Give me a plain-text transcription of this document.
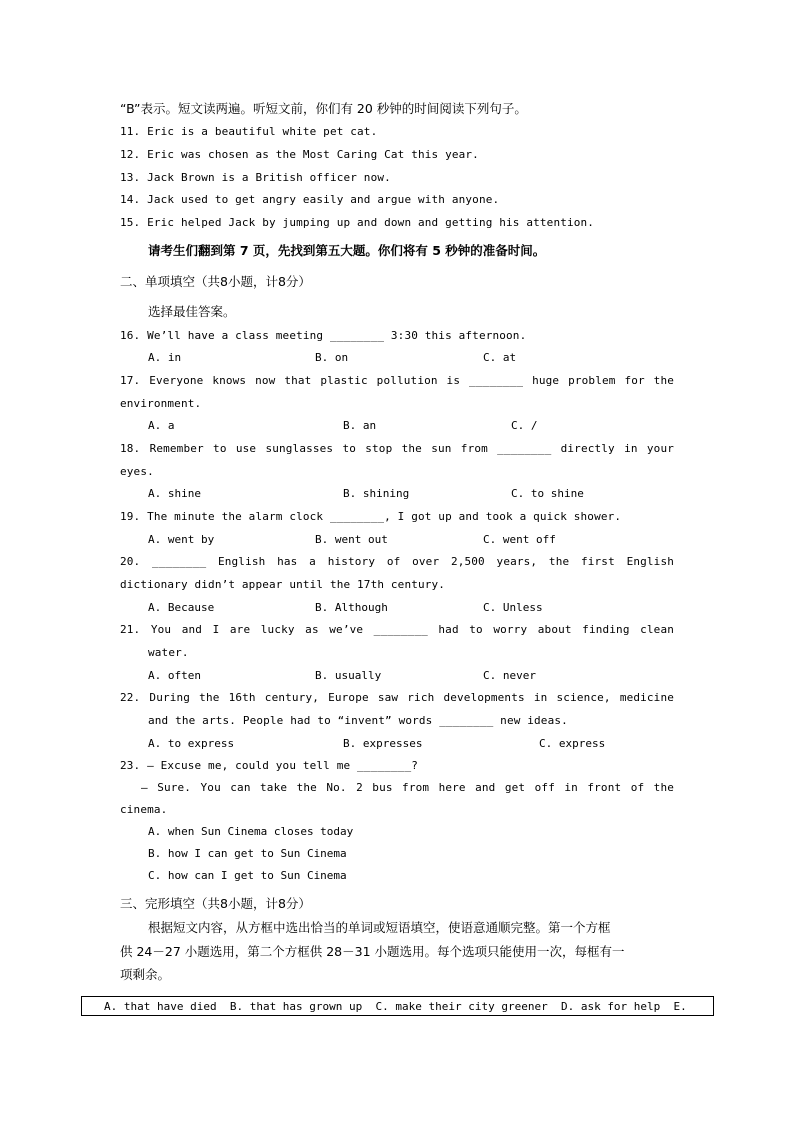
“B”表示。短文读两遍。听短文前，你们有 20 秒钟的时间阅读下列句子。
11. Eric is a beautiful white pet cat.
12. Eric was chosen as the Most Caring Cat this year.
13. Jack Brown is a British officer now.
14. Jack used to get angry easily and argue with anyone.
15. Eric helped Jack by jumping up and down and getting his attention.
请考生们翻到第 7 页，先找到第五大题。你们将有 5 秒钟的准备时间。
二、单项填空（共8小题，计8分）
选择最佳答案。
16. We’ll have a class meeting ________ 3:30 this afternoon.
A. in	B. on	C. at
17. Everyone knows now that plastic pollution is ________ huge problem for the
environment.
A. a	B. an	C. /
18. Remember to use sunglasses to stop the sun from ________ directly in your
eyes.
A. shine	B. shining	C. to shine
19. The minute the alarm clock ________, I got up and took a quick shower.
A. went by	B. went out	C. went off
20. ________ English has a history of over 2,500 years, the first English
dictionary didn’t appear until the 17th century.
A. Because	B. Although	C. Unless
21. You and I are lucky as we’ve ________ had to worry about finding clean
water.
A. often	B. usually	C. never
22. During the 16th century, Europe saw rich developments in science, medicine
and the arts. People had to “invent” words ________ new ideas.
A. to express	B. expresses	C. express
23. — Excuse me, could you tell me ________?
— Sure. You can take the No. 2 bus from here and get off in front of the
cinema.
A. when Sun Cinema closes today
B. how I can get to Sun Cinema
C. how can I get to Sun Cinema
三、完形填空（共8小题，计8分）
根据短文内容，从方框中选出恰当的单词或短语填空，使语意通顺完整。第一个方框
供 24－27 小题选用，第二个方框供 28－31 小题选用。每个选项只能使用一次，每框有一
项剩余。
A. that have died  B. that has grown up  C. make their city greener  D. ask for help  E.
